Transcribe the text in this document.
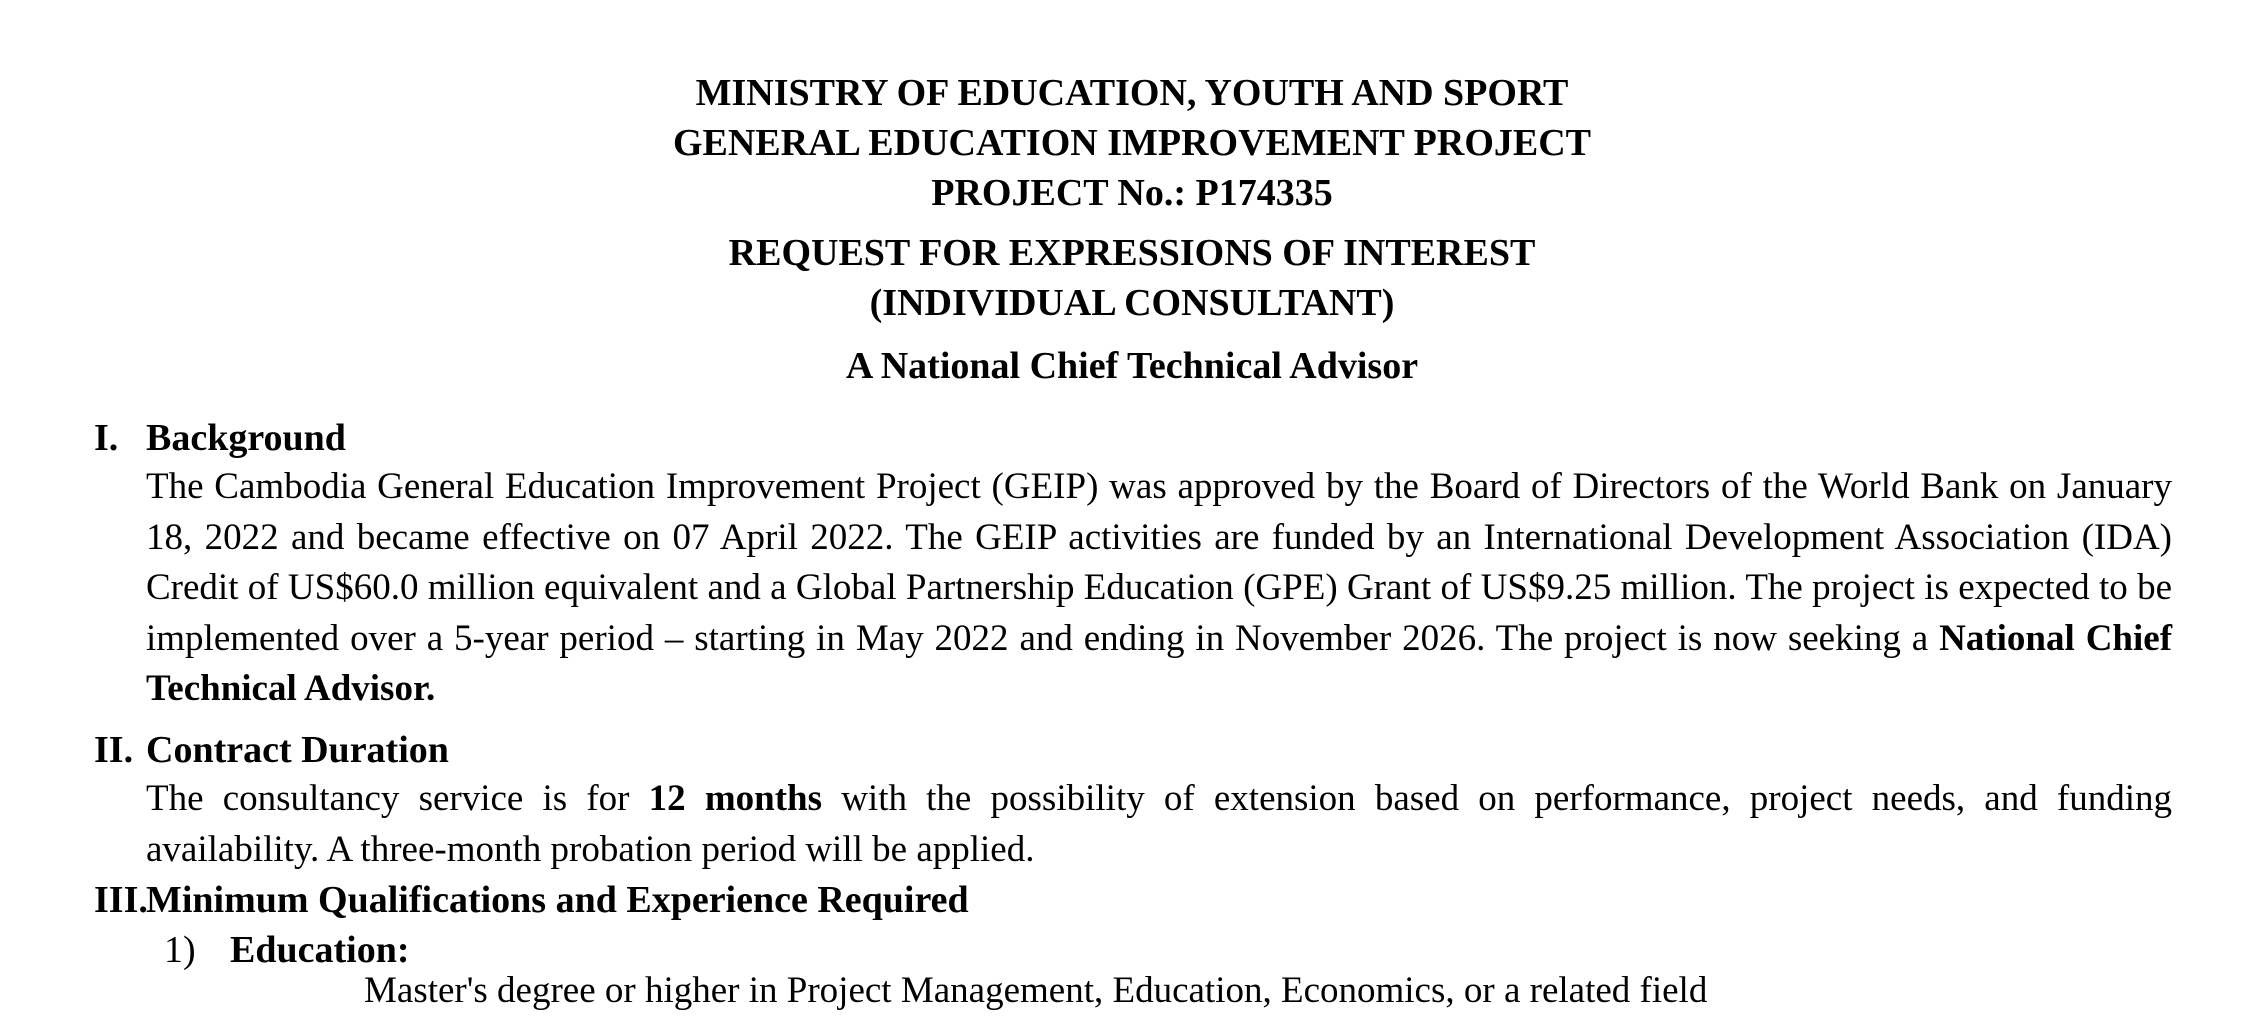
MINISTRY OF EDUCATION, YOUTH AND SPORT
GENERAL EDUCATION IMPROVEMENT PROJECT
PROJECT No.: P174335
REQUEST FOR EXPRESSIONS OF INTEREST
(INDIVIDUAL CONSULTANT)
A National Chief Technical Advisor
I. Background
The Cambodia General Education Improvement Project (GEIP) was approved by the Board of Directors of the World Bank on January 18, 2022 and became effective on 07 April 2022. The GEIP activities are funded by an International Development Association (IDA) Credit of US$60.0 million equivalent and a Global Partnership Education (GPE) Grant of US$9.25 million. The project is expected to be implemented over a 5-year period – starting in May 2022 and ending in November 2026. The project is now seeking a National Chief Technical Advisor.
II. Contract Duration
The consultancy service is for 12 months with the possibility of extension based on performance, project needs, and funding availability. A three-month probation period will be applied.
III.
Minimum Qualifications and Experience Required
1) Education:
Master's degree or higher in Project Management, Education, Economics, or a related field
